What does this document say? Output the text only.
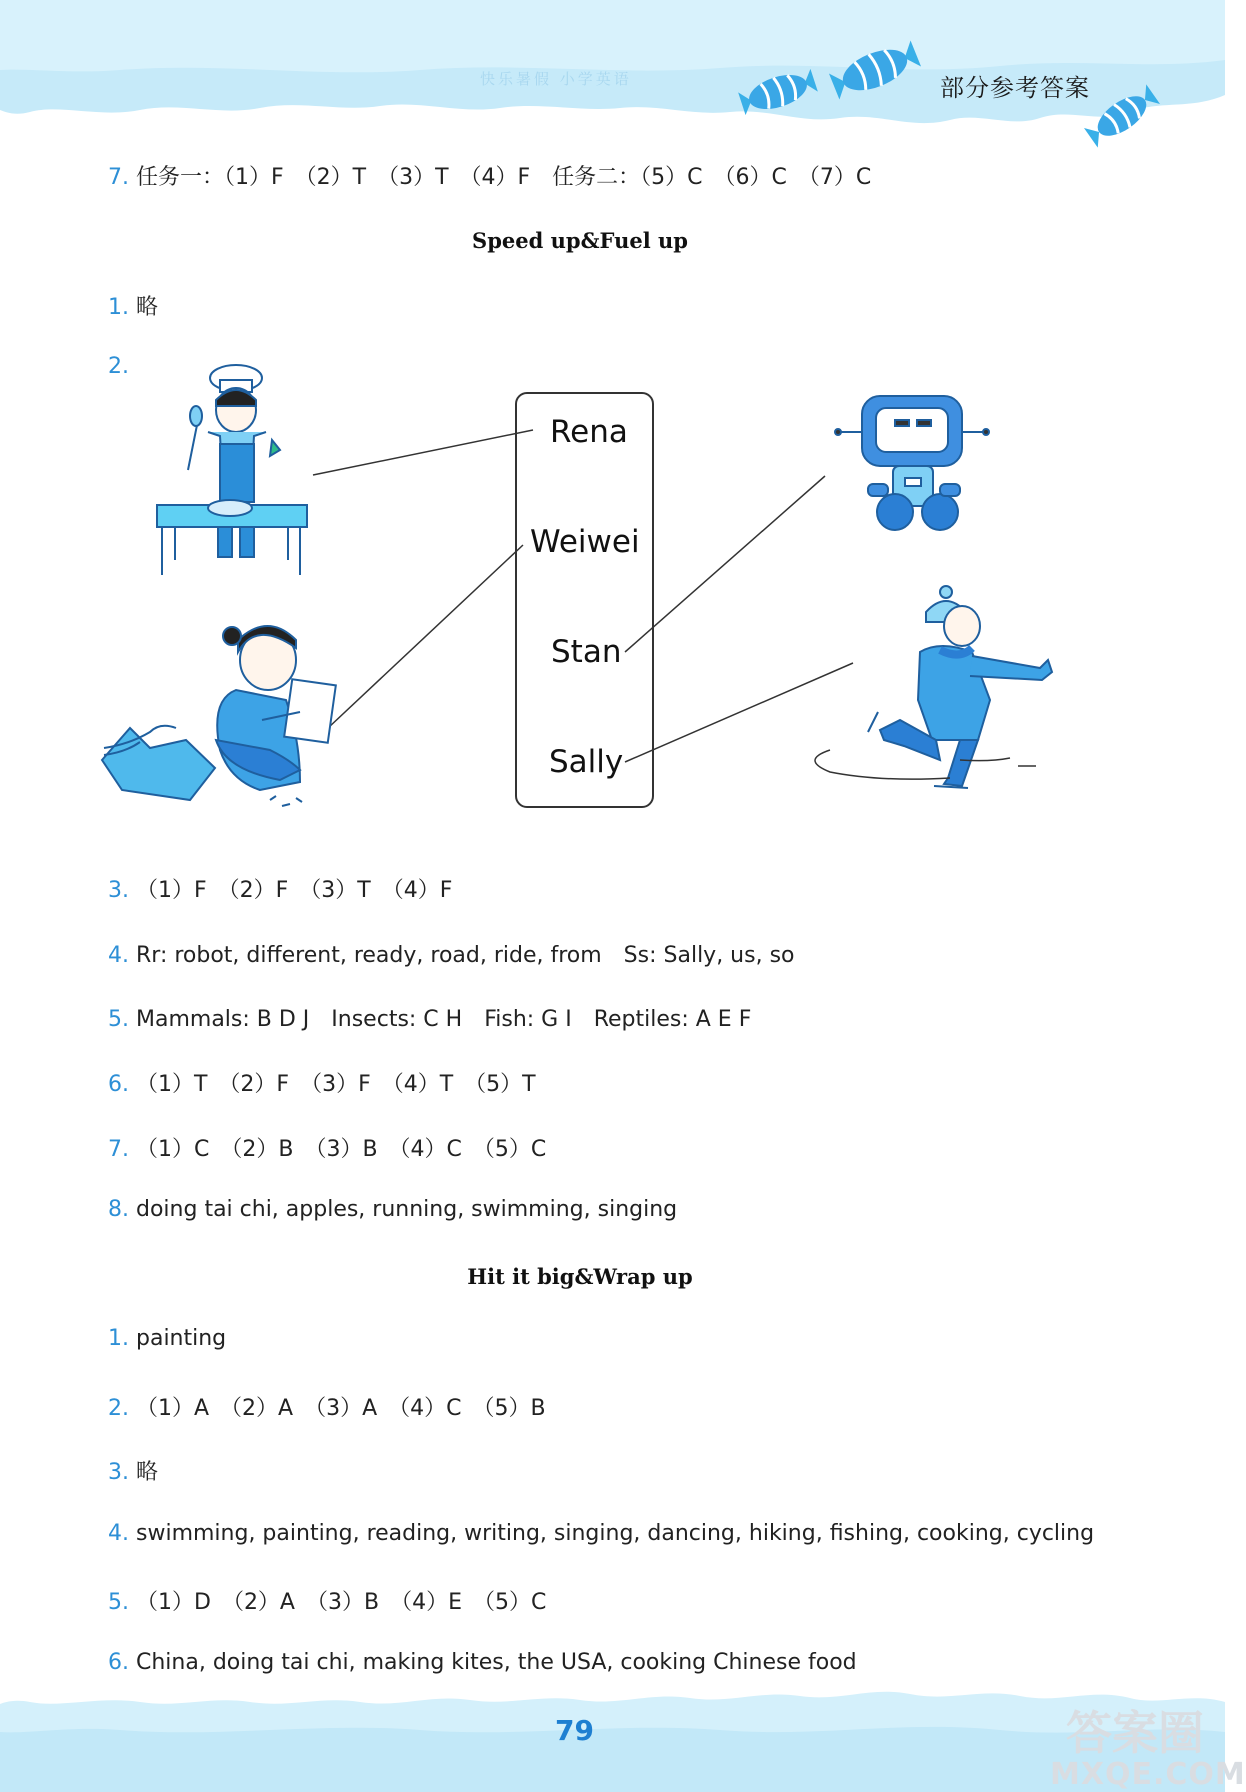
快乐暑假 小学英语	部分参考答案
7. 任务一：（1）F　（2）T　（3）T　（4）F　任务二：（5）C　（6）C　（7）C
Speed up&Fuel up
1. 略
2.
Rena
Weiwei
Stan
Sally
3. （1）F　（2）F　（3）T　（4）F
4. Rr: robot, different, ready, road, ride, from　Ss: Sally, us, so
5. Mammals: B D J　Insects: C H　Fish: G I　Reptiles: A E F
6. （1）T　（2）F　（3）F　（4）T　（5）T
7. （1）C　（2）B　（3）B　（4）C　（5）C
8. doing tai chi, apples, running, swimming, singing
Hit it big&Wrap up
1. painting
2. （1）A　（2）A　（3）A　（4）C　（5）B
3. 略
4. swimming, painting, reading, writing, singing, dancing, hiking, fishing, cooking, cycling
5. （1）D　（2）A　（3）B　（4）E　（5）C
6. China, doing tai chi, making kites, the USA, cooking Chinese food
79	答案圈
MXQE.COM
